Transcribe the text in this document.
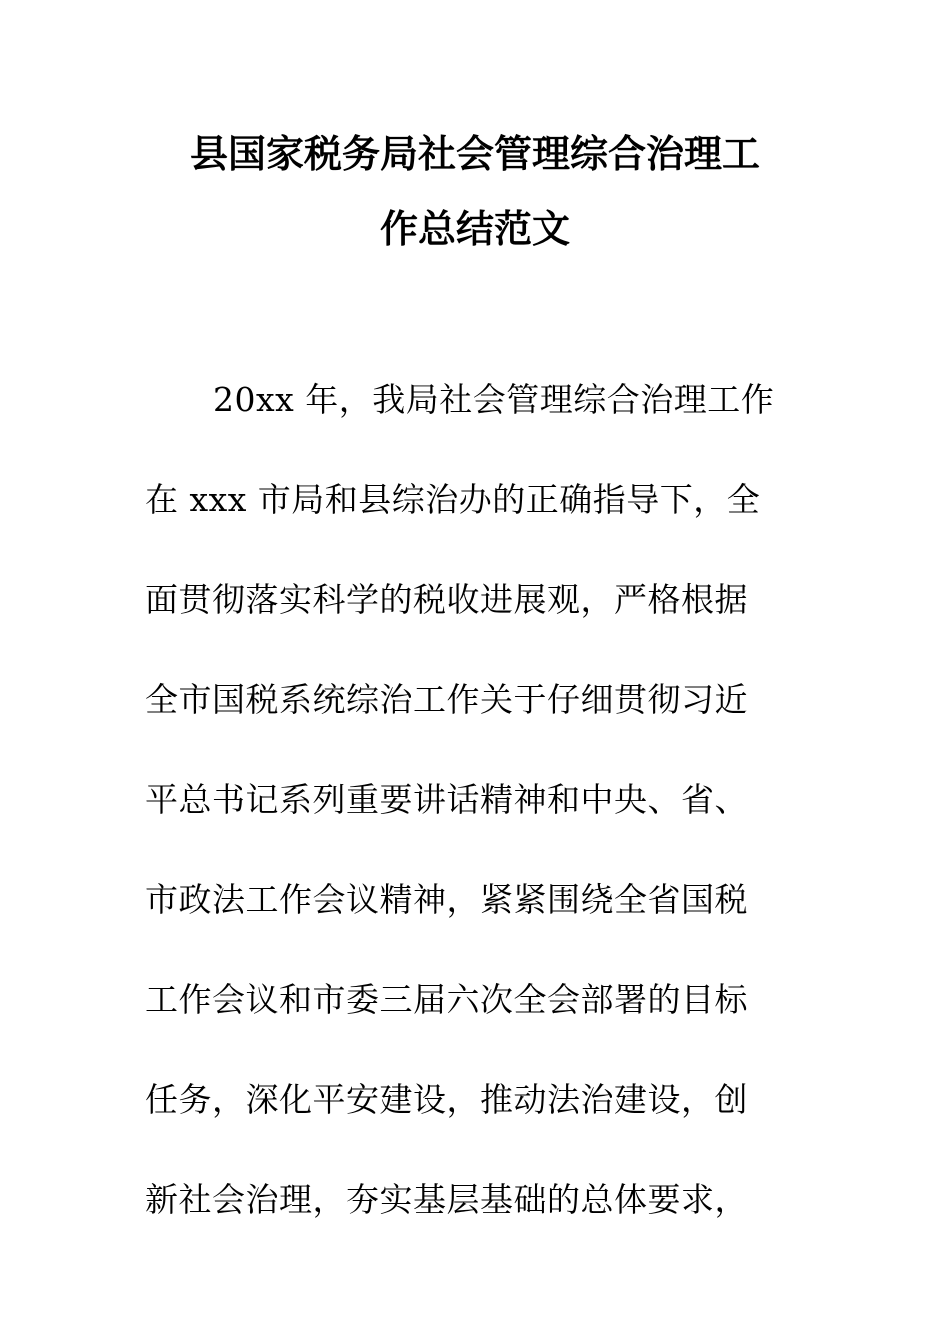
县国家税务局社会管理综合治理工
作总结范文

20xx 年，我局社会管理综合治理工作

在 xxx 市局和县综治办的正确指导下，全

面贯彻落实科学的税收进展观，严格根据

全市国税系统综治工作关于仔细贯彻习近

平总书记系列重要讲话精神和中央、省、

市政法工作会议精神，紧紧围绕全省国税

工作会议和市委三届六次全会部署的目标

任务，深化平安建设，推动法治建设，创

新社会治理，夯实基层基础的总体要求，
